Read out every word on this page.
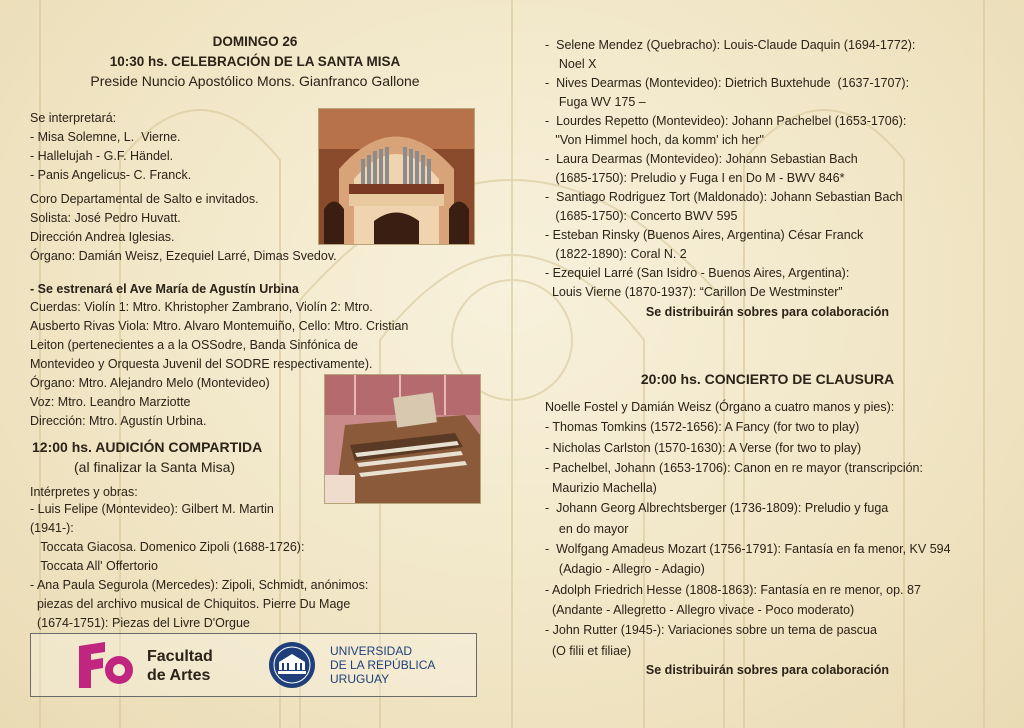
DOMINGO 26

10:30 hs. CELEBRACIÓN DE LA SANTA MISA

Preside Nuncio Apostólico Mons. Gianfranco Gallone

Se interpretará:

- Misa Solemne, L.  Vierne.

- Hallelujah - G.F. Händel.

- Panis Angelicus- C. Franck.

Coro Departamental de Salto e invitados.

Solista: José Pedro Huvatt.

Dirección Andrea Iglesias.

Órgano: Damián Weisz, Ezequiel Larré, Dimas Svedov.

- Se estrenará el Ave María de Agustín Urbina

Cuerdas: Violín 1: Mtro. Khristopher Zambrano, Violín 2: Mtro.

Ausberto Rivas Viola: Mtro. Alvaro Montemuiño, Cello: Mtro. Cristian

Leiton (pertenecientes a a la OSSodre, Banda Sinfónica de

Montevideo y Orquesta Juvenil del SODRE respectivamente).

Órgano: Mtro. Alejandro Melo (Montevideo)

Voz: Mtro. Leandro Marziotte

Dirección: Mtro. Agustín Urbina.

12:00 hs. AUDICIÓN COMPARTIDA

(al finalizar la Santa Misa)

Intérpretes y obras:

- Luis Felipe (Montevideo): Gilbert M. Martin

(1941-):

Toccata Giacosa. Domenico Zipoli (1688-1726):

Toccata All' Offertorio

- Ana Paula Segurola (Mercedes): Zipoli, Schmidt, anónimos:

piezas del archivo musical de Chiquitos. Pierre Du Mage

(1674-1751): Piezas del Livre D'Orgue

Facultad
de Artes
UNIVERSIDAD
DE LA REPÚBLICA
URUGUAY

-  Selene Mendez (Quebracho): Louis-Claude Daquin (1694-1772):

Noel X

-  Nives Dearmas (Montevideo): Dietrich Buxtehude  (1637-1707):

Fuga WV 175 –

-  Lourdes Repetto (Montevideo): Johann Pachelbel (1653-1706):

"Von Himmel hoch, da komm' ich her"

-  Laura Dearmas (Montevideo): Johann Sebastian Bach

(1685-1750): Preludio y Fuga I en Do M - BWV 846*

-  Santiago Rodriguez Tort (Maldonado): Johann Sebastian Bach

(1685-1750): Concerto BWV 595

- Esteban Rinsky (Buenos Aires, Argentina) César Franck

(1822-1890): Coral N. 2

- Ezequiel Larré (San Isidro - Buenos Aires, Argentina):

Louis Vierne (1870-1937): “Carillon De Westminster”

Se distribuirán sobres para colaboración

20:00 hs. CONCIERTO DE CLAUSURA

Noelle Fostel y Damián Weisz (Órgano a cuatro manos y pies):

- Thomas Tomkins (1572-1656): A Fancy (for two to play)

- Nicholas Carlston (1570-1630): A Verse (for two to play)

- Pachelbel, Johann (1653-1706): Canon en re mayor (transcripción:

Maurizio Machella)

-  Johann Georg Albrechtsberger (1736-1809): Preludio y fuga

en do mayor

-  Wolfgang Amadeus Mozart (1756-1791): Fantasía en fa menor, KV 594

(Adagio - Allegro - Adagio)

- Adolph Friedrich Hesse (1808-1863): Fantasía en re menor, op. 87

(Andante - Allegretto - Allegro vivace - Poco moderato)

- John Rutter (1945-): Variaciones sobre un tema de pascua

(O filii et filiae)

Se distribuirán sobres para colaboración
